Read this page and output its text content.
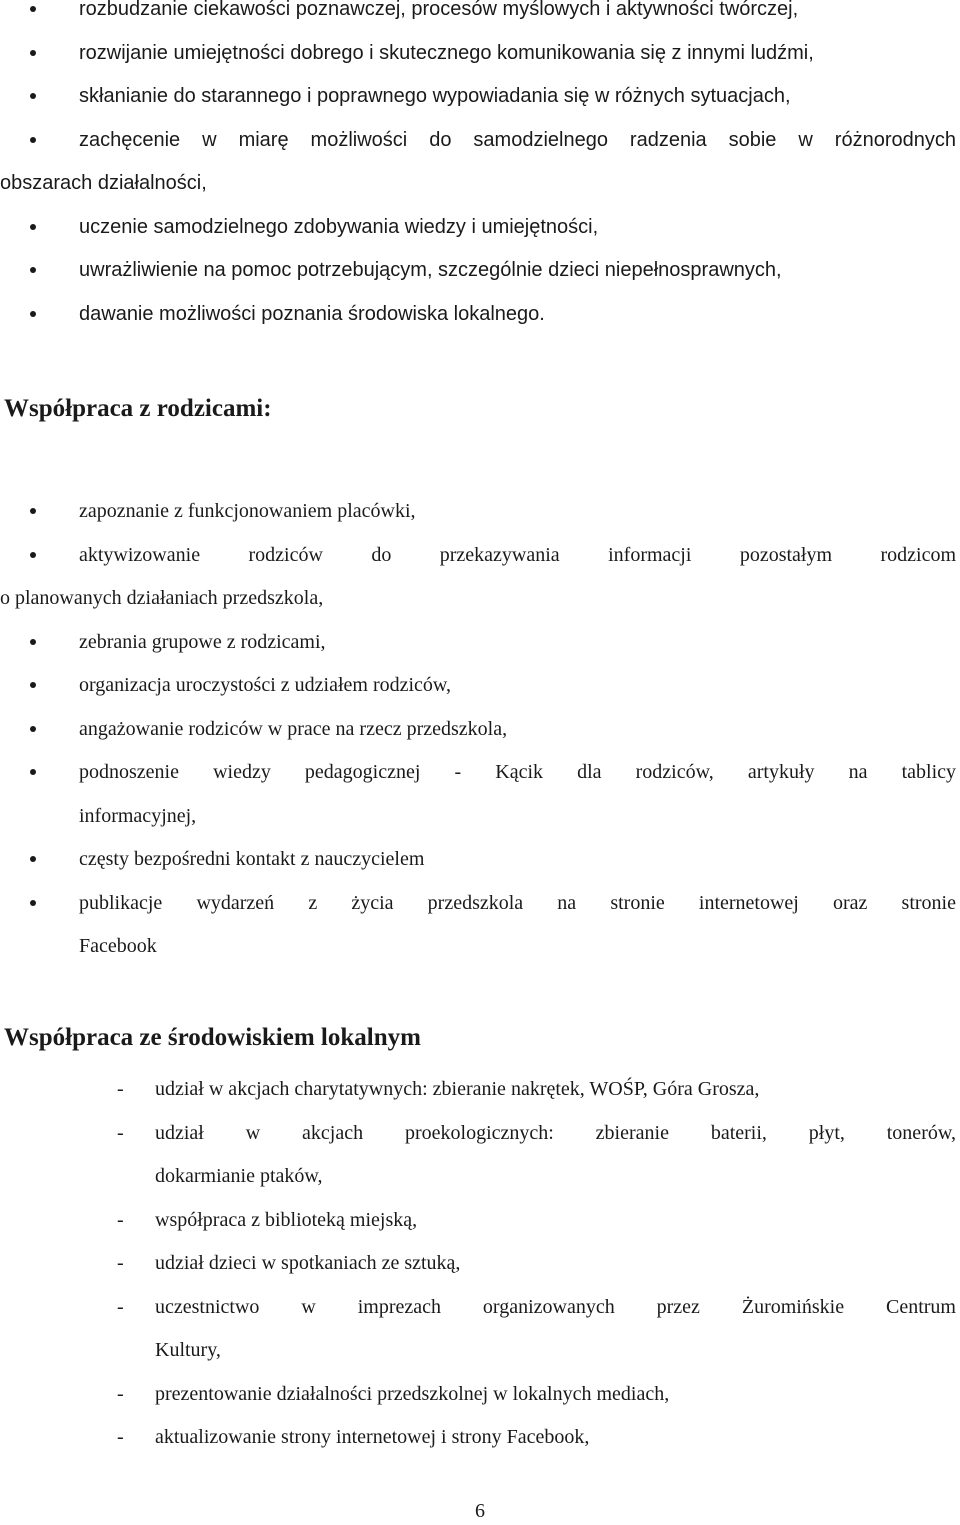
rozbudzanie ciekawości poznawczej, procesów myślowych i aktywności twórczej,
rozwijanie umiejętności dobrego i skutecznego komunikowania się z innymi ludźmi,
skłanianie do starannego i poprawnego wypowiadania się w różnych sytuacjach,
zachęcenie w miarę możliwości do samodzielnego radzenia sobie w różnorodnych
obszarach działalności,
uczenie samodzielnego zdobywania wiedzy i umiejętności,
uwrażliwienie na pomoc potrzebującym, szczególnie dzieci niepełnosprawnych,
dawanie możliwości poznania środowiska lokalnego.
Współpraca z rodzicami:
zapoznanie z funkcjonowaniem placówki,
aktywizowanie rodziców do przekazywania informacji pozostałym rodzicom
o planowanych działaniach przedszkola,
zebrania grupowe z rodzicami,
organizacja uroczystości z udziałem rodziców,
angażowanie rodziców w prace na rzecz przedszkola,
podnoszenie wiedzy pedagogicznej - Kącik dla rodziców, artykuły na tablicy
informacyjnej,
częsty bezpośredni kontakt z nauczycielem
publikacje wydarzeń z życia przedszkola na stronie internetowej oraz stronie
Facebook
Współpraca ze środowiskiem lokalnym
- udział w akcjach charytatywnych: zbieranie nakrętek, WOŚP, Góra Grosza,
- udział w akcjach proekologicznych: zbieranie baterii, płyt, tonerów,
dokarmianie ptaków,
- współpraca z biblioteką miejską,
- udział dzieci w spotkaniach ze sztuką,
- uczestnictwo w imprezach organizowanych przez Żuromińskie Centrum
Kultury,
- prezentowanie działalności przedszkolnej w lokalnych mediach,
- aktualizowanie strony internetowej i strony Facebook,
6
